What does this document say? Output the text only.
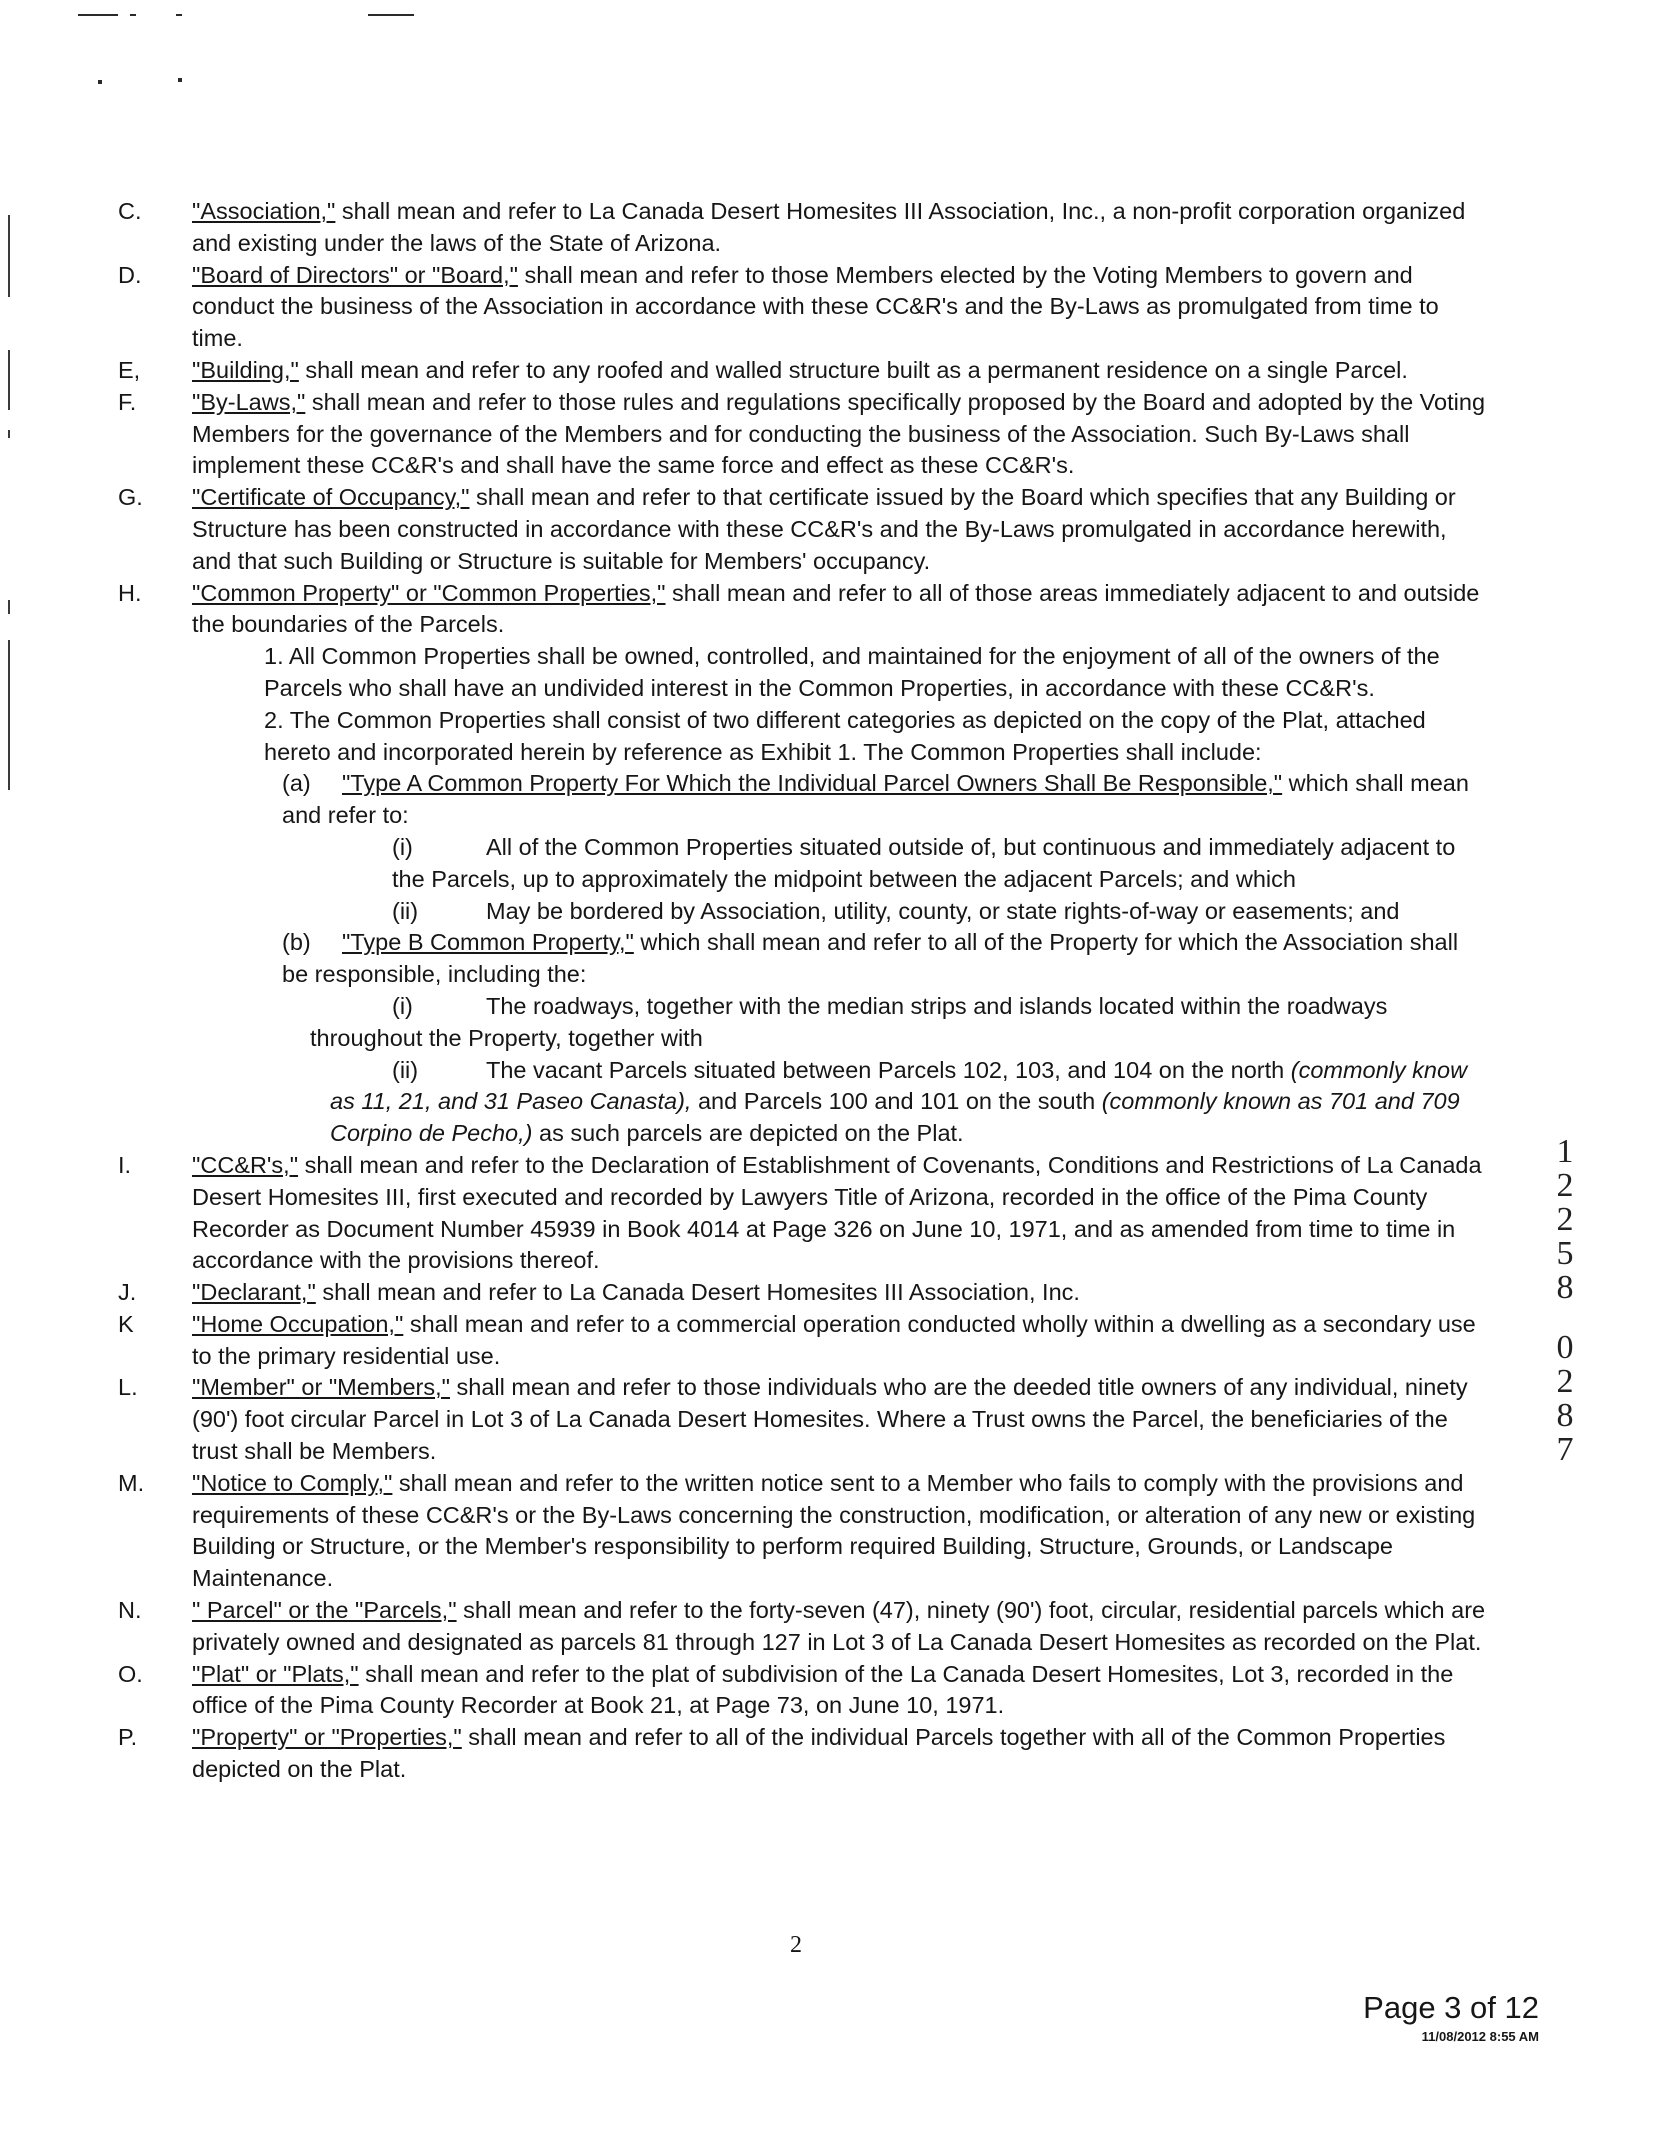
C. "Association," shall mean and refer to La Canada Desert Homesites III Association, Inc., a non-profit corporation organized and existing under the laws of the State of Arizona.

D. "Board of Directors" or "Board," shall mean and refer to those Members elected by the Voting Members to govern and conduct the business of the Association in accordance with these CC&R's and the By-Laws as promulgated from time to time.

E, "Building," shall mean and refer to any roofed and walled structure built as a permanent residence on a single Parcel.

F. "By-Laws," shall mean and refer to those rules and regulations specifically proposed by the Board and adopted by the Voting Members for the governance of the Members and for conducting the business of the Association. Such By-Laws shall implement these CC&R's and shall have the same force and effect as these CC&R's.

G. "Certificate of Occupancy," shall mean and refer to that certificate issued by the Board which specifies that any Building or Structure has been constructed in accordance with these CC&R's and the By-Laws promulgated in accordance herewith, and that such Building or Structure is suitable for Members' occupancy.

H. "Common Property" or "Common Properties," shall mean and refer to all of those areas immediately adjacent to and outside the boundaries of the Parcels.

1. All Common Properties shall be owned, controlled, and maintained for the enjoyment of all of the owners of the Parcels who shall have an undivided interest in the Common Properties, in accordance with these CC&R's.

2. The Common Properties shall consist of two different categories as depicted on the copy of the Plat, attached hereto and incorporated herein by reference as Exhibit 1. The Common Properties shall include:

(a) "Type A Common Property For Which the Individual Parcel Owners Shall Be Responsible," which shall mean and refer to:

(i)	All of the Common Properties situated outside of, but continuous and immediately adjacent to the Parcels, up to approximately the midpoint between the adjacent Parcels; and which

(ii)	May be bordered by Association, utility, county, or state rights-of-way or easements; and

(b) "Type B Common Property," which shall mean and refer to all of the Property for which the Association shall be responsible, including the:

(i)	The roadways, together with the median strips and islands located within the roadways throughout the Property, together with

(ii)	The vacant Parcels situated between Parcels 102, 103, and 104 on the north (commonly know as 11, 21, and 31 Paseo Canasta), and Parcels 100 and 101 on the south (commonly known as 701 and 709 Corpino de Pecho,) as such parcels are depicted on the Plat.

I.	"CC&R's," shall mean and refer to the Declaration of Establishment of Covenants, Conditions and Restrictions of La Canada Desert Homesites III, first executed and recorded by Lawyers Title of Arizona, recorded in the office of the Pima County Recorder as Document Number 45939 in Book 4014 at Page 326 on June 10, 1971, and as amended from time to time in accordance with the provisions thereof.

J. "Declarant," shall mean and refer to La Canada Desert Homesites III Association, Inc.

K "Home Occupation," shall mean and refer to a commercial operation conducted wholly within a dwelling as a secondary use to the primary residential use.

L. "Member" or "Members," shall mean and refer to those individuals who are the deeded title owners of any individual, ninety (90') foot circular Parcel in Lot 3 of La Canada Desert Homesites. Where a Trust owns the Parcel, the beneficiaries of the trust shall be Members.

M. "Notice to Comply," shall mean and refer to the written notice sent to a Member who fails to comply with the provisions and requirements of these CC&R's or the By-Laws concerning the construction, modification, or alteration of any new or existing Building or Structure, or the Member's responsibility to perform required Building, Structure, Grounds, or Landscape Maintenance.

N. " Parcel" or the "Parcels," shall mean and refer to the forty-seven (47), ninety (90') foot, circular, residential parcels which are privately owned and designated as parcels 81 through 127 in Lot 3 of La Canada Desert Homesites as recorded on the Plat.

O. "Plat" or "Plats," shall mean and refer to the plat of subdivision of the La Canada Desert Homesites, Lot 3, recorded in the office of the Pima County Recorder at Book 21, at Page 73, on June 10, 1971.

P. "Property" or "Properties," shall mean and refer to all of the individual Parcels together with all of the Common Properties depicted on the Plat.

1
2
2
5
8
0
2
8
7
2
Page 3 of 12
11/08/2012 8:55 AM
